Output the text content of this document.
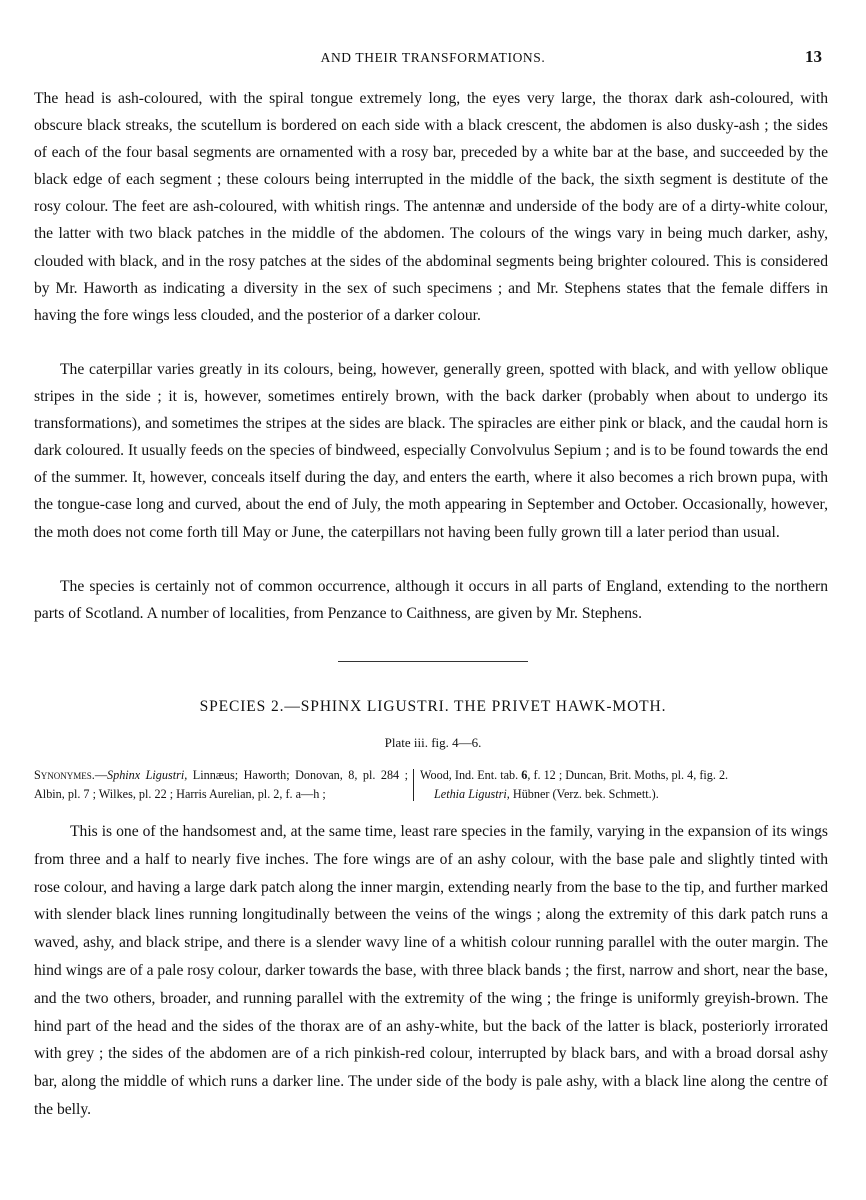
AND THEIR TRANSFORMATIONS.	13

The head is ash-coloured, with the spiral tongue extremely long, the eyes very large, the thorax dark ash-coloured, with obscure black streaks, the scutellum is bordered on each side with a black crescent, the abdomen is also dusky-ash ; the sides of each of the four basal segments are ornamented with a rosy bar, preceded by a white bar at the base, and succeeded by the black edge of each segment ; these colours being interrupted in the middle of the back, the sixth segment is destitute of the rosy colour. The feet are ash-coloured, with whitish rings. The antennæ and underside of the body are of a dirty-white colour, the latter with two black patches in the middle of the abdomen. The colours of the wings vary in being much darker, ashy, clouded with black, and in the rosy patches at the sides of the abdominal segments being brighter coloured. This is considered by Mr. Haworth as indicating a diversity in the sex of such specimens ; and Mr. Stephens states that the female differs in having the fore wings less clouded, and the posterior of a darker colour.

The caterpillar varies greatly in its colours, being, however, generally green, spotted with black, and with yellow oblique stripes in the side ; it is, however, sometimes entirely brown, with the back darker (probably when about to undergo its transformations), and sometimes the stripes at the sides are black. The spiracles are either pink or black, and the caudal horn is dark coloured. It usually feeds on the species of bindweed, especially Convolvulus Sepium ; and is to be found towards the end of the summer. It, however, conceals itself during the day, and enters the earth, where it also becomes a rich brown pupa, with the tongue-case long and curved, about the end of July, the moth appearing in September and October. Occasionally, however, the moth does not come forth till May or June, the caterpillars not having been fully grown till a later period than usual.

The species is certainly not of common occurrence, although it occurs in all parts of England, extending to the northern parts of Scotland. A number of localities, from Penzance to Caithness, are given by Mr. Stephens.

SPECIES 2.—SPHINX LIGUSTRI. THE PRIVET HAWK-MOTH.
Plate iii. fig. 4—6.
Synonymes.—Sphinx Ligustri, Linnæus; Haworth; Donovan, 8, pl. 284 ; Albin, pl. 7 ; Wilkes, pl. 22 ; Harris Aurelian, pl. 2, f. a—h ;
Wood, Ind. Ent. tab. 6, f. 12 ; Duncan, Brit. Moths, pl. 4, fig. 2.
Lethia Ligustri, Hübner (Verz. bek. Schmett.).

This is one of the handsomest and, at the same time, least rare species in the family, varying in the expansion of its wings from three and a half to nearly five inches. The fore wings are of an ashy colour, with the base pale and slightly tinted with rose colour, and having a large dark patch along the inner margin, extending nearly from the base to the tip, and further marked with slender black lines running longitudinally between the veins of the wings ; along the extremity of this dark patch runs a waved, ashy, and black stripe, and there is a slender wavy line of a whitish colour running parallel with the outer margin. The hind wings are of a pale rosy colour, darker towards the base, with three black bands ; the first, narrow and short, near the base, and the two others, broader, and running parallel with the extremity of the wing ; the fringe is uniformly greyish-brown. The hind part of the head and the sides of the thorax are of an ashy-white, but the back of the latter is black, posteriorly irrorated with grey ; the sides of the abdomen are of a rich pinkish-red colour, interrupted by black bars, and with a broad dorsal ashy bar, along the middle of which runs a darker line. The under side of the body is pale ashy, with a black line along the centre of the belly.
